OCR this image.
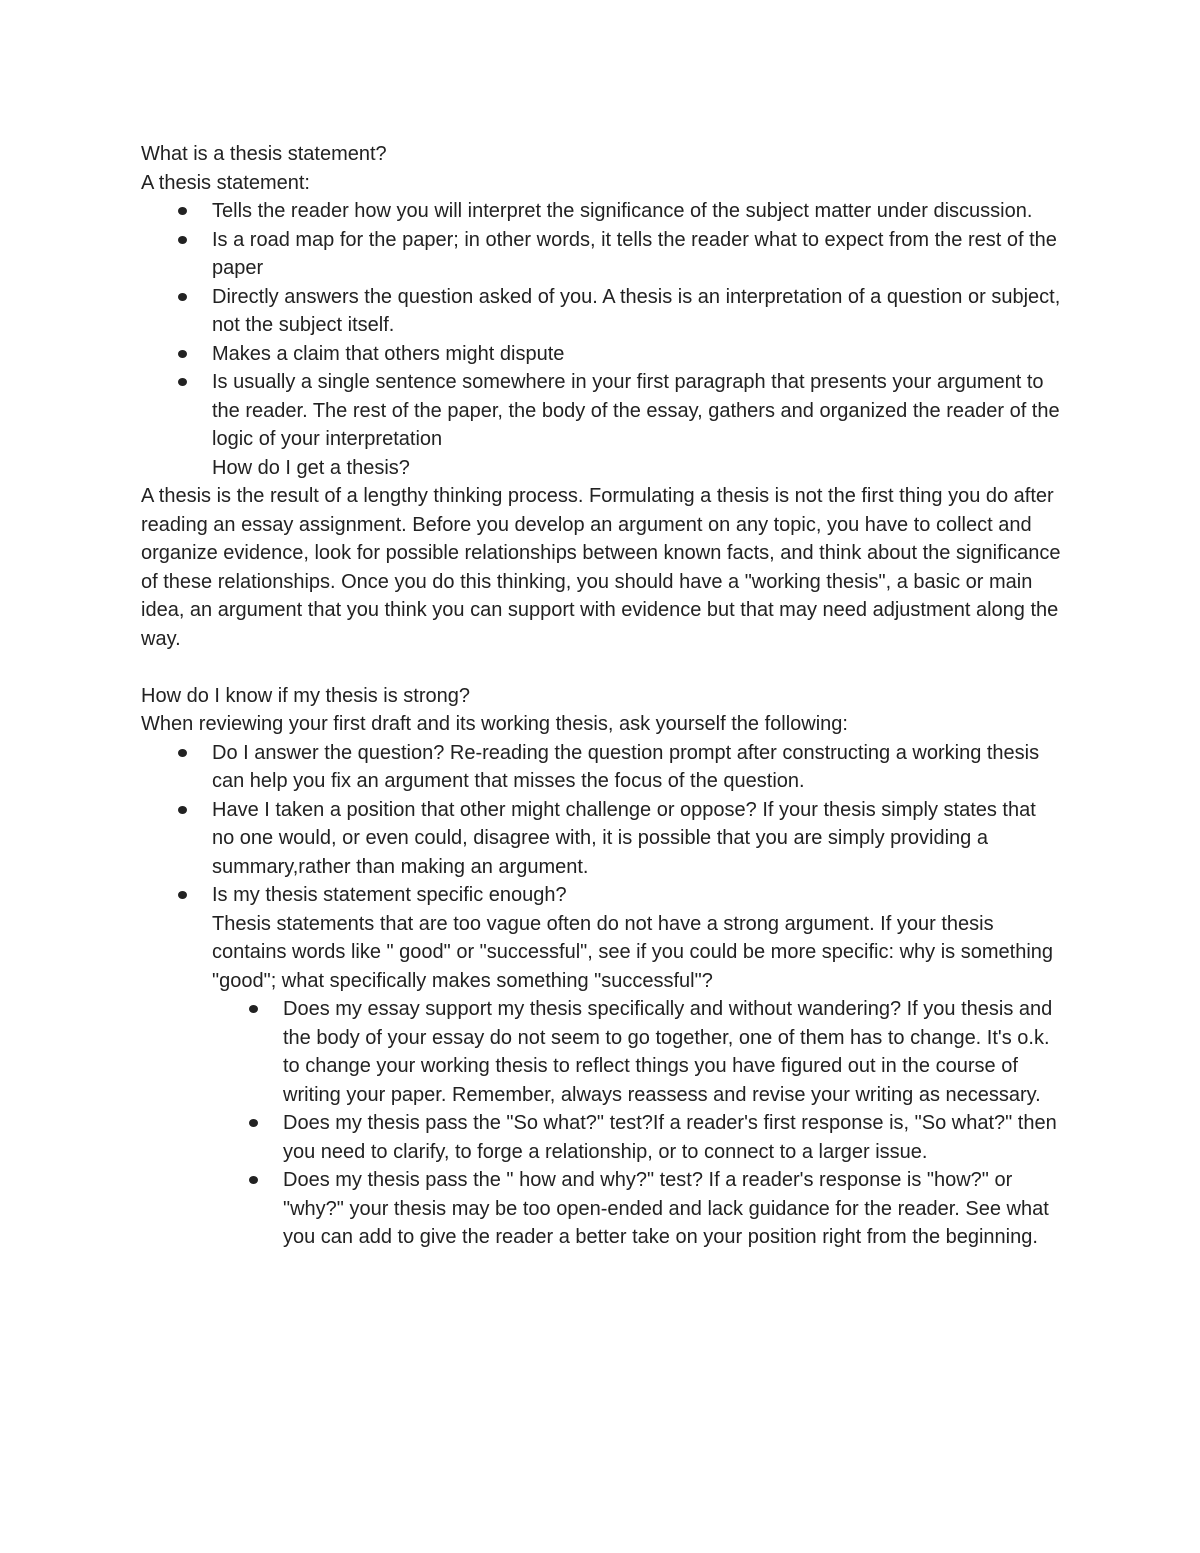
What is a thesis statement?

A thesis statement:

Tells the reader how you will interpret the significance of the subject matter under discussion.
Is a road map for the paper; in other words, it tells the reader what to expect from the rest of the paper
Directly answers the question asked of you. A thesis is an interpretation of a question or subject, not the subject itself.
Makes a claim that others might dispute
Is usually a single sentence somewhere in your first paragraph that presents your argument to the reader. The rest of the paper, the body of the essay, gathers and organized the reader of the logic of your interpretation
How do I get a thesis?

A thesis is the result of a lengthy thinking process. Formulating a thesis is not the first thing you do after reading an essay assignment. Before you develop an argument on any topic, you have to collect and organize evidence, look for possible relationships between known facts, and think about the significance of these relationships. Once you do this thinking, you should have a "working thesis", a basic or main idea, an argument that you think you can support with evidence but that may need adjustment along the way.

How do I know if my thesis is strong?

When reviewing your first draft and its working thesis, ask yourself the following:

Do I answer the question? Re-reading the question prompt after constructing a working thesis can help you fix an argument that misses the focus of the question.
Have I taken a position that other might challenge or oppose? If your thesis simply states that no one would, or even could, disagree with, it is possible that you are simply providing a summary,rather than making an argument.
Is my thesis statement specific enough?
Thesis statements that are too vague often do not have a strong argument. If your thesis contains words like " good" or "successful", see if you could be more specific: why is something "good"; what specifically makes something "successful"?
Does my essay support my thesis specifically and without wandering? If you thesis and the body of your essay do not seem to go together, one of them has to change. It's o.k. to change your working thesis to reflect things you have figured out in the course of writing your paper. Remember, always reassess and revise your writing as necessary.
Does my thesis pass the "So what?" test?If a reader's first response is, "So what?" then you need to clarify, to forge a relationship, or to connect to a larger issue.
Does my thesis pass the " how and why?" test? If a reader's response is "how?" or "why?" your thesis may be too open-ended and lack guidance for the reader. See what you can add to give the reader a better take on your position right from the beginning.
